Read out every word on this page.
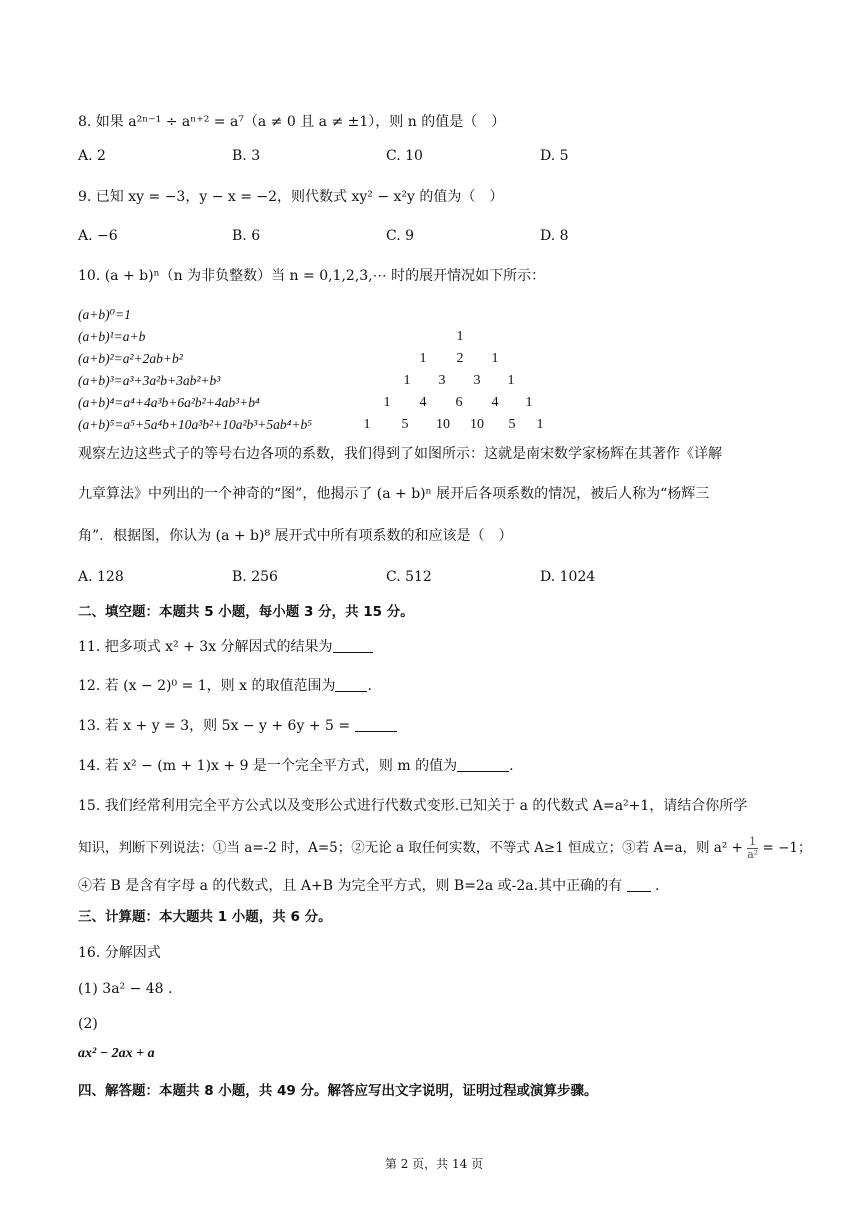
8. 如果 a²ⁿ⁻¹ ÷ aⁿ⁺² = a⁷（a ≠ 0 且 a ≠ ±1），则 n 的值是（　）
A. 2	B. 3	C. 10	D. 5
9. 已知 xy = −3，y − x = −2，则代数式 xy² − x²y 的值为（　）
A. −6	B. 6	C. 9	D. 8
10. (a + b)ⁿ（n 为非负整数）当 n = 0,1,2,3,⋯ 时的展开情况如下所示：
(a+b)⁰=1
(a+b)¹=a+b
(a+b)²=a²+2ab+b²
(a+b)³=a³+3a²b+3ab²+b³
(a+b)⁴=a⁴+4a³b+6a²b²+4ab³+b⁴
(a+b)⁵=a⁵+5a⁴b+10a³b²+10a²b³+5ab⁴+b⁵
1
1 2 1
1 3 3 1
1 4 6 4 1
1 5 10 10 5 1
观察左边这些式子的等号右边各项的系数，我们得到了如图所示：这就是南宋数学家杨辉在其著作《详解
九章算法》中列出的一个神奇的“图”，他揭示了 (a + b)ⁿ 展开后各项系数的情况，被后人称为“杨辉三
角”．根据图，你认为 (a + b)⁸ 展开式中所有项系数的和应该是（　）
A. 128	B. 256	C. 512	D. 1024
二、填空题：本题共 5 小题，每小题 3 分，共 15 分。
11. 把多项式 x² + 3x 分解因式的结果为
12. 若 (x − 2)⁰ = 1，则 x 的取值范围为 .
13. 若 x + y = 3，则 5x − y + 6y + 5 =
14. 若 x² − (m + 1)x + 9 是一个完全平方式，则 m 的值为	.
15. 我们经常利用完全平方公式以及变形公式进行代数式变形.已知关于 a 的代数式 A=a²+1，请结合你所学
知识，判断下列说法：①当 a=-2 时，A=5；②无论 a 取任何实数，不等式 A≥1 恒成立；③若 A=a，则 $a^2 + \frac{1}{\text{a²}} = -1$；
④若 B 是含有字母 a 的代数式，且 A+B 为完全平方式，则 B=2a 或-2a.其中正确的有 .
三、计算题：本大题共 1 小题，共 6 分。
16. 分解因式
(1) 3a² − 48 .
(2)
ax² − 2ax + a
四、解答题：本题共 8 小题，共 49 分。解答应写出文字说明，证明过程或演算步骤。
第 2 页，共 14 页
